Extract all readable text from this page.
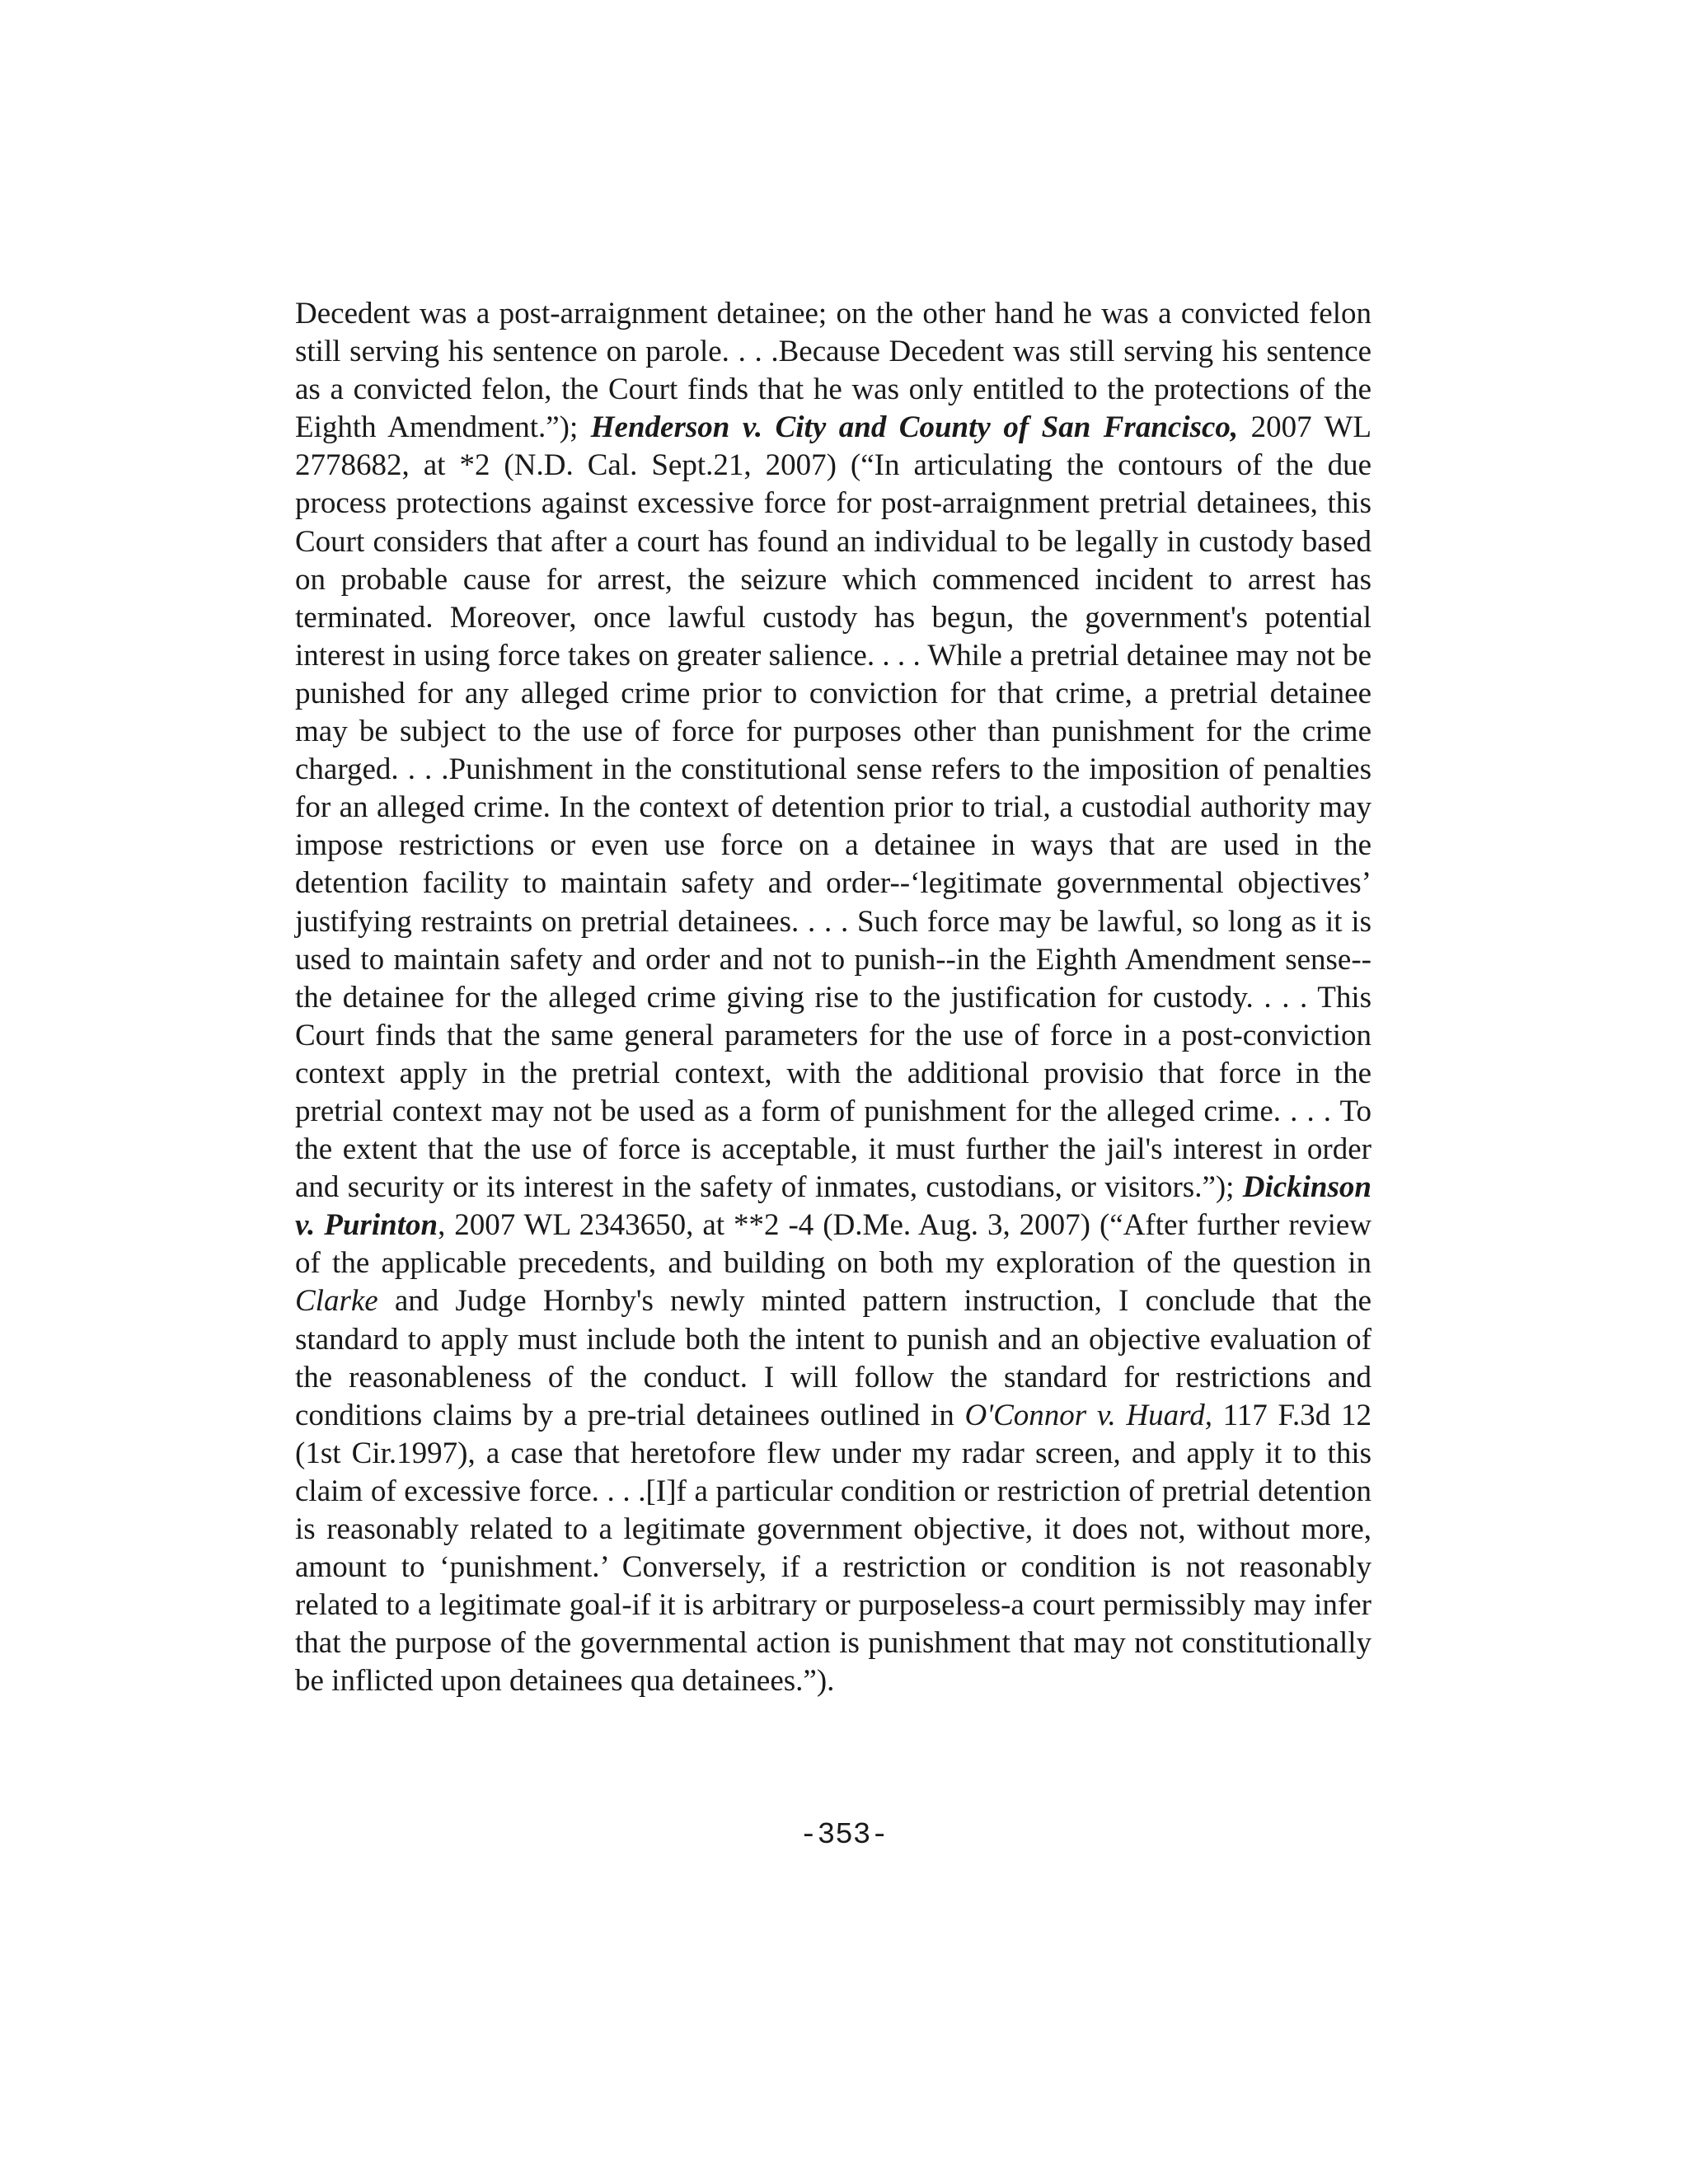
Decedent was a post-arraignment detainee; on the other hand he was a convicted felon still serving his sentence on parole. . . .Because Decedent was still serving his sentence as a convicted felon, the Court finds that he was only entitled to the protections of the Eighth Amendment.”); Henderson v. City and County of San Francisco, 2007 WL 2778682, at *2 (N.D. Cal. Sept.21, 2007) (“In articulating the contours of the due process protections against excessive force for post-arraignment pretrial detainees, this Court considers that after a court has found an individual to be legally in custody based on probable cause for arrest, the seizure which commenced incident to arrest has terminated. Moreover, once lawful custody has begun, the government's potential interest in using force takes on greater salience. . . . While a pretrial detainee may not be punished for any alleged crime prior to conviction for that crime, a pretrial detainee may be subject to the use of force for purposes other than punishment for the crime charged. . . .Punishment in the constitutional sense refers to the imposition of penalties for an alleged crime. In the context of detention prior to trial, a custodial authority may impose restrictions or even use force on a detainee in ways that are used in the detention facility to maintain safety and order--‘legitimate governmental objectives’ justifying restraints on pretrial detainees. . . . Such force may be lawful, so long as it is used to maintain safety and order and not to punish--in the Eighth Amendment sense--the detainee for the alleged crime giving rise to the justification for custody. . . . This Court finds that the same general parameters for the use of force in a post-conviction context apply in the pretrial context, with the additional provisio that force in the pretrial context may not be used as a form of punishment for the alleged crime. . . . To the extent that the use of force is acceptable, it must further the jail's interest in order and security or its interest in the safety of inmates, custodians, or visitors.”); Dickinson v. Purinton, 2007 WL 2343650, at **2 -4 (D.Me. Aug. 3, 2007) (“After further review of the applicable precedents, and building on both my exploration of the question in Clarke and Judge Hornby's newly minted pattern instruction, I conclude that the standard to apply must include both the intent to punish and an objective evaluation of the reasonableness of the conduct. I will follow the standard for restrictions and conditions claims by a pre-trial detainees outlined in O'Connor v. Huard, 117 F.3d 12 (1st Cir.1997), a case that heretofore flew under my radar screen, and apply it to this claim of excessive force. . . .[I]f a particular condition or restriction of pretrial detention is reasonably related to a legitimate government objective, it does not, without more, amount to ‘punishment.’ Conversely, if a restriction or condition is not reasonably related to a legitimate goal-if it is arbitrary or purposeless-a court permissibly may infer that the purpose of the governmental action is punishment that may not constitutionally be inflicted upon detainees qua detainees.”).

-353-
